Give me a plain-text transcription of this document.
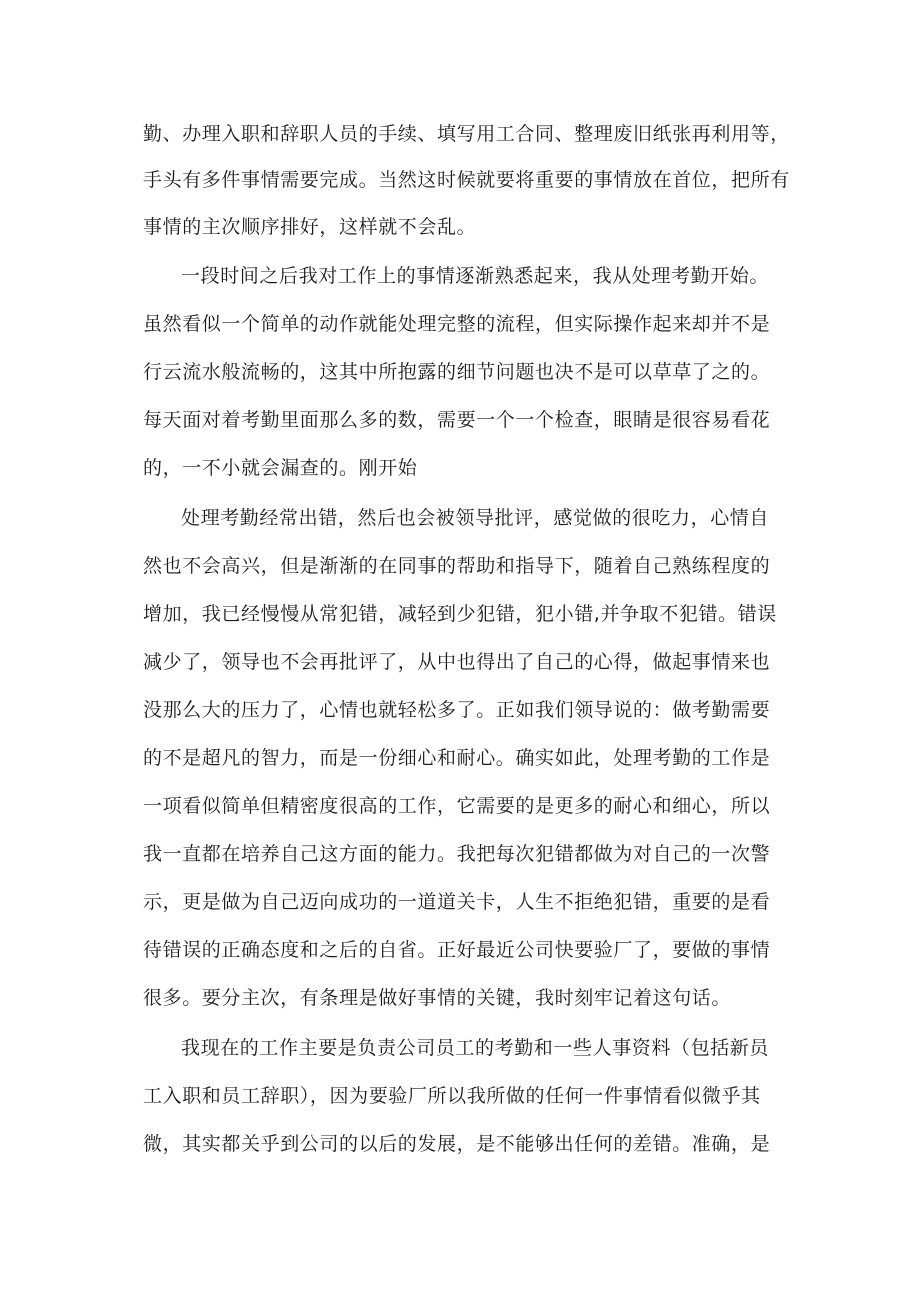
勤、办理入职和辞职人员的手续、填写用工合同、整理废旧纸张再利用等，
手头有多件事情需要完成。当然这时候就要将重要的事情放在首位，把所有
事情的主次顺序排好，这样就不会乱。
一段时间之后我对工作上的事情逐渐熟悉起来，我从处理考勤开始。
虽然看似一个简单的动作就能处理完整的流程，但实际操作起来却并不是
行云流水般流畅的，这其中所抱露的细节问题也决不是可以草草了之的。
每天面对着考勤里面那么多的数，需要一个一个检查，眼睛是很容易看花
的，一不小就会漏查的。刚开始
处理考勤经常出错，然后也会被领导批评，感觉做的很吃力，心情自
然也不会高兴，但是渐渐的在同事的帮助和指导下，随着自己熟练程度的
增加，我已经慢慢从常犯错，减轻到少犯错，犯小错,并争取不犯错。错误
减少了，领导也不会再批评了，从中也得出了自己的心得，做起事情来也
没那么大的压力了，心情也就轻松多了。正如我们领导说的：做考勤需要
的不是超凡的智力，而是一份细心和耐心。确实如此，处理考勤的工作是
一项看似简单但精密度很高的工作，它需要的是更多的耐心和细心，所以
我一直都在培养自己这方面的能力。我把每次犯错都做为对自己的一次警
示，更是做为自己迈向成功的一道道关卡，人生不拒绝犯错，重要的是看
待错误的正确态度和之后的自省。正好最近公司快要验厂了，要做的事情
很多。要分主次，有条理是做好事情的关键，我时刻牢记着这句话。
我现在的工作主要是负责公司员工的考勤和一些人事资料（包括新员
工入职和员工辞职），因为要验厂所以我所做的任何一件事情看似微乎其
微，其实都关乎到公司的以后的发展，是不能够出任何的差错。准确，是
